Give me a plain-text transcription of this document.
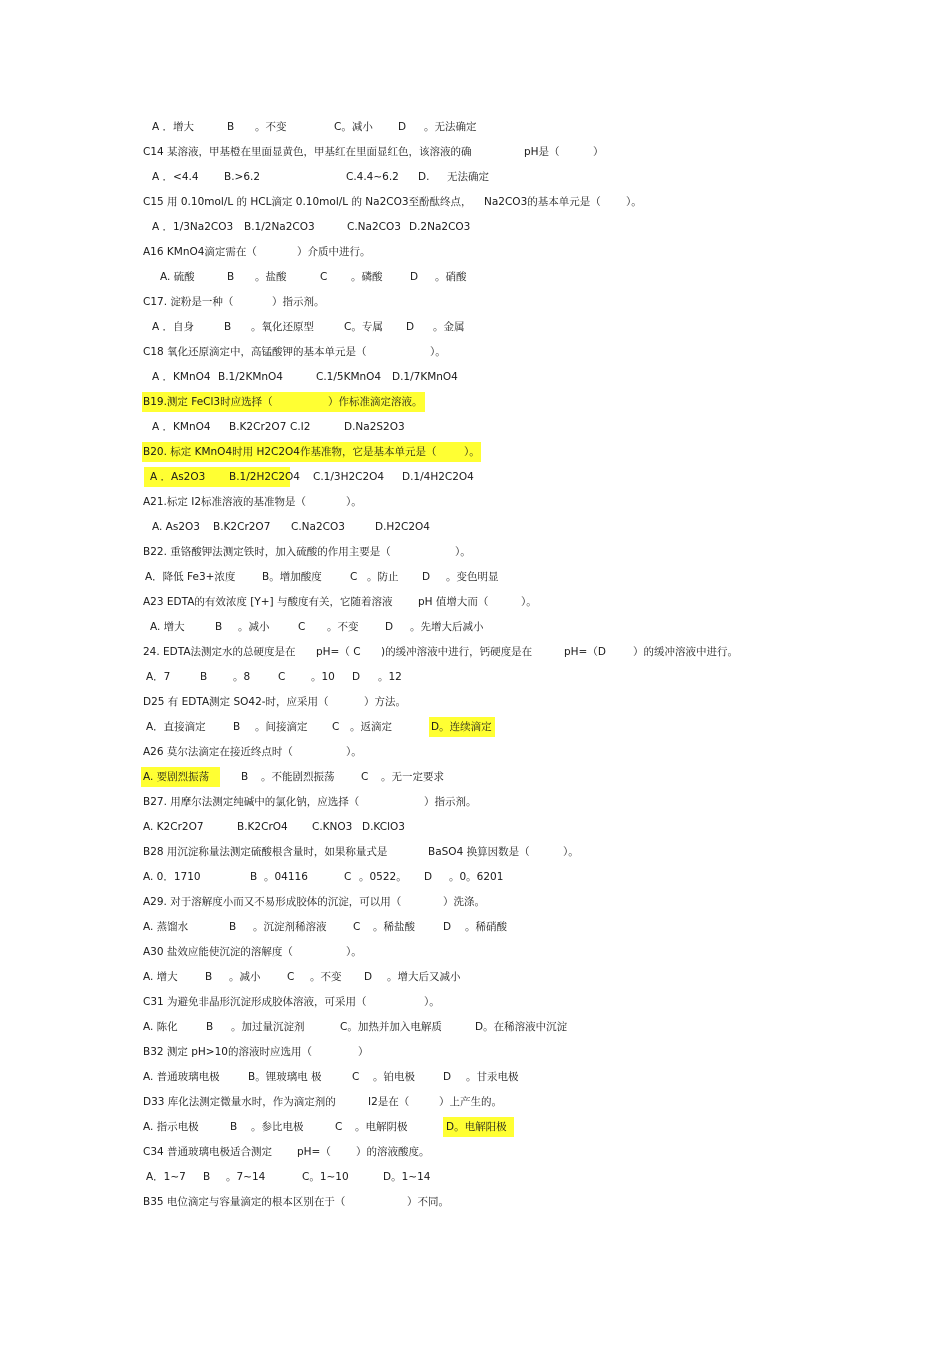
A ．增大	B 。不变	C。减小 D 。无法确定
C14 某溶液，甲基橙在里面显黄色，甲基红在里面显红色，该溶液的确	pH是（	）
A ．<4.4 B.>6.2	C.4.4~6.2 D. 无法确定
C15 用 0.10mol/L 的 HCL滴定 0.10mol/L 的 Na2CO3至酚酞终点， Na2CO3的基本单元是（ ）。
A ．1/3Na2CO3 B.1/2Na2CO3	C.Na2CO3 D.2Na2CO3
A16 KMnO4滴定需在（	）介质中进行。
A. 硫酸	B 。盐酸	C 。磷酸	D 。硝酸
C17. 淀粉是一种（	）指示剂。
A ．自身	B 。氧化还原型	C。专属 D 。金属
C18 氧化还原滴定中，高锰酸钾的基本单元是（	）。
A ．KMnO4 B.1/2KMnO4	C.1/5KMnO4 D.1/7KMnO4
B19.测定 FeCl3时应选择（	）作标准滴定溶液。
A ．KMnO4 B.K2Cr2O7 C.I2	D.Na2S2O3
B20. 标定 KMnO4时用 H2C2O4作基准物，它是基本单元是（	）。
A ．As2O3 B.1/2H2C2O4 C.1/3H2C2O4 D.1/4H2C2O4
A21.标定 I2标准溶液的基准物是（	）。
A. As2O3 B.K2Cr2O7 C.Na2CO3	D.H2C2O4
B22. 重铬酸钾法测定铁时，加入硫酸的作用主要是（	）。
A．降低 Fe3+浓度	B。增加酸度	C 。防止 D 。变色明显
A23 EDTA的有效浓度 [Y+] 与酸度有关，它随着溶液 pH 值增大而（	）。
A. 增大	B 。减小	C 。不变	D 。先增大后减小
24. EDTA法测定水的总硬度是在 pH=（ C )的缓冲溶液中进行，钙硬度是在	pH=（D	）的缓冲溶液中进行。
A．7	B 。8	C 。10 D 。12
D25 有 EDTA测定 SO42-时，应采用（	）方法。
A．直接滴定	B 。间接滴定 C 。返滴定	D。连续滴定
A26 莫尔法滴定在接近终点时（	）。
A. 要剧烈振荡	B 。不能剧烈振荡	C 。无一定要求
B27. 用摩尔法测定纯碱中的氯化钠，应选择（	）指示剂。
A. K2Cr2O7	B.K2CrO4 C.KNO3 D.KClO3
B28 用沉淀称量法测定硫酸根含量时，如果称量式是	BaSO4 换算因数是（	）。
A. 0．1710	B 。04116	C 。0522。 D 。0。6201
A29. 对于溶解度小而又不易形成胶体的沉淀，可以用（	）洗涤。
A. 蒸馏水	B 。沉淀剂稀溶液	C 。稀盐酸	D 。稀硝酸
A30 盐效应能使沉淀的溶解度（	）。
A. 增大	B 。减小	C 。不变 D 。增大后又减小
C31 为避免非晶形沉淀形成胶体溶液，可采用（	）。
A. 陈化	B 。加过量沉淀剂	C。加热并加入电解质	D。在稀溶液中沉淀
B32 测定 pH>10的溶液时应选用（	）
A. 普通玻璃电极	B。锂玻璃电 极	C 。铂电极	D 。甘汞电极
D33 库化法测定微量水时，作为滴定剂的	I2是在（	）上产生的。
A. 指示电极	B 。参比电极	C 。电解阴极	D。电解阳极
C34 普通玻璃电极适合测定 pH=（ ）的溶液酸度。
A．1~7 B 。7~14	C。1~10	D。1~14
B35 电位滴定与容量滴定的根本区别在于（	）不同。
